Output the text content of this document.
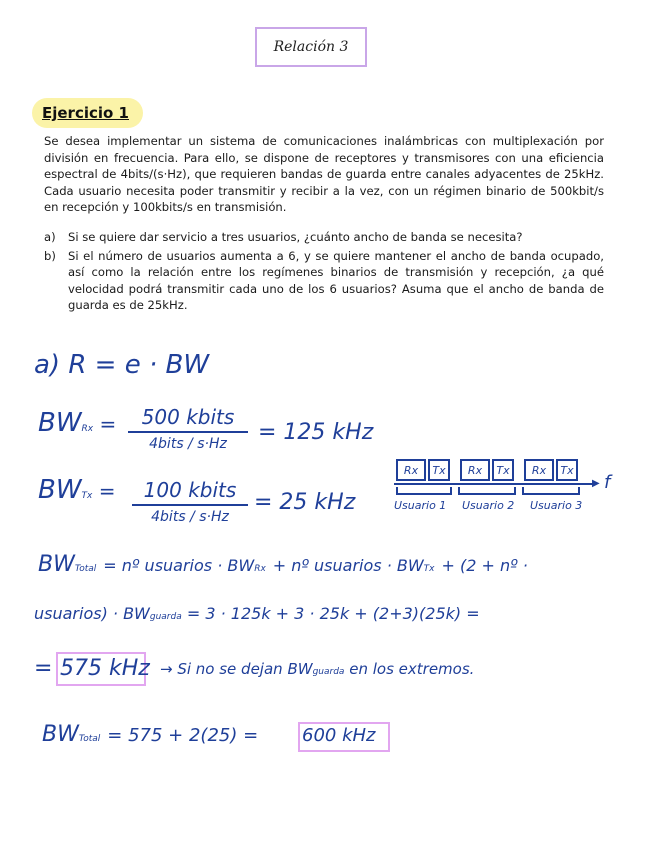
Relación 3
Ejercicio 1
Se desea implementar un sistema de comunicaciones inalámbricas con multiplexación por división en frecuencia. Para ello, se dispone de receptores y transmisores con una eficiencia espectral de 4bits/(s·Hz), que requieren bandas de guarda entre canales adyacentes de 25kHz. Cada usuario necesita poder transmitir y recibir a la vez, con un régimen binario de 500kbit/s en recepción y 100kbits/s en transmisión.
a)	Si se quiere dar servicio a tres usuarios, ¿cuánto ancho de banda se necesita?
b)	Si el número de usuarios aumenta a 6, y se quiere mantener el ancho de banda ocupado, así como la relación entre los regímenes binarios de transmisión y recepción, ¿a qué velocidad podrá transmitir cada uno de los 6 usuarios? Asuma que el ancho de banda de guarda es de 25kHz.
a) R = e · BW
BWRx = 500 kbits
4bits / s·Hz = 125 kHz
BWTx = 100 kbits
4bits / s·Hz
= 25 kHz
Rx	Tx	Rx	Tx	Rx	Tx
▶ f
Usuario 1 Usuario 2 Usuario 3
BWTotal = nº usuarios · BWRx + nº usuarios · BWTx + (2 + nº ·
usuarios) · BWguarda = 3 · 125k + 3 · 25k + (2+3)(25k) =
= 575 kHz → Si no se dejan BWguarda en los extremos.
BWTotal = 575 + 2(25) = 600 kHz
